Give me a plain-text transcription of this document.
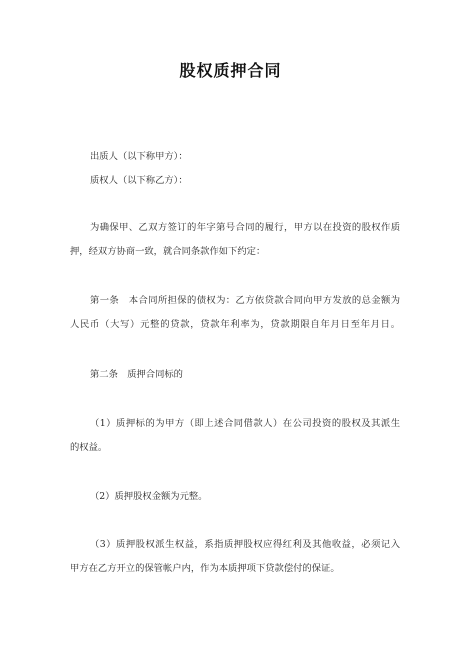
股权质押合同
出质人（以下称甲方）：
质权人（以下称乙方）：
为确保甲、乙双方签订的年字第号合同的履行，甲方以在投资的股权作质
押，经双方协商一致，就合同条款作如下约定：
第一条　本合同所担保的债权为：乙方依贷款合同向甲方发放的总金额为
人民币（大写）元整的贷款，贷款年利率为，贷款期限自年月日至年月日。
第二条　质押合同标的
（1）质押标的为甲方（即上述合同借款人）在公司投资的股权及其派生
的权益。
（2）质押股权金额为元整。
（3）质押股权派生权益，系指质押股权应得红利及其他收益，必须记入
甲方在乙方开立的保管帐户内，作为本质押项下贷款偿付的保证。
